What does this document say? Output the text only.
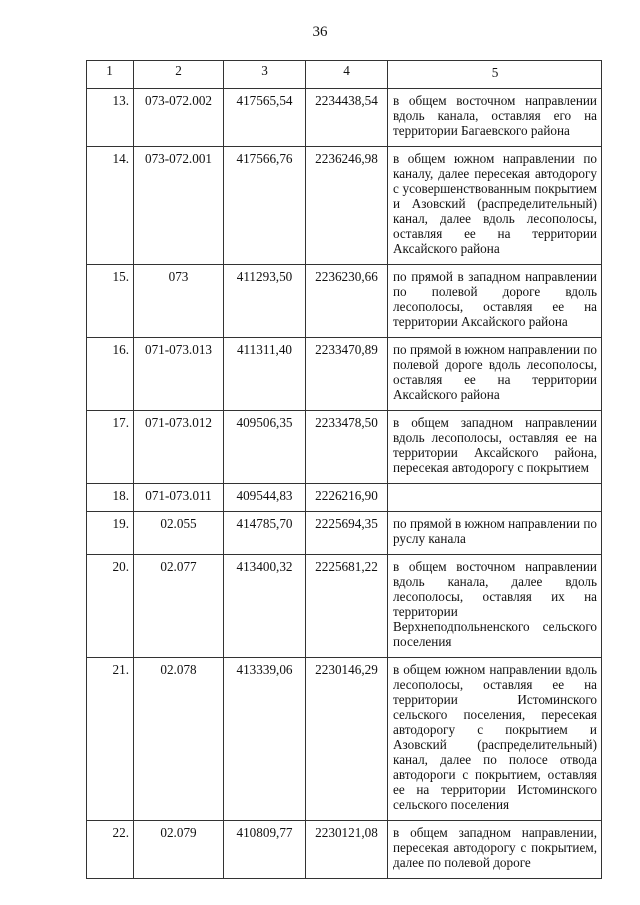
36
1	2	3	4	5
13.	073-072.002	417565,54	2234438,54	в общем восточном направлении вдоль канала, оставляя его на территории Багаевского района
14.	073-072.001	417566,76	2236246,98	в общем южном направлении по каналу, далее пересекая автодорогу с усовершенствованным покрытием и Азовский (распределительный) канал, далее вдоль лесополосы, оставляя ее на территории Аксайского района
15.	073	411293,50	2236230,66	по прямой в западном направлении по полевой дороге вдоль лесополосы, оставляя ее на территории Аксайского района
16.	071-073.013	411311,40	2233470,89	по прямой в южном направлении по полевой дороге вдоль лесополосы, оставляя ее на территории Аксайского района
17.	071-073.012	409506,35	2233478,50	в общем западном направлении вдоль лесополосы, оставляя ее на территории Аксайского района, пересекая автодорогу с покрытием
18.	071-073.011	409544,83	2226216,90	
19.	02.055	414785,70	2225694,35	по прямой в южном направлении по руслу канала
20.	02.077	413400,32	2225681,22	в общем восточном направлении вдоль канала, далее вдоль лесополосы, оставляя их на территории Верхнеподпольненского сельского поселения
21.	02.078	413339,06	2230146,29	в общем южном направлении вдоль лесополосы, оставляя ее на территории Истоминского сельского поселения, пересекая автодорогу с покрытием и Азовский (распределительный) канал, далее по полосе отвода автодороги с покрытием, оставляя ее на территории Истоминского сельского поселения
22.	02.079	410809,77	2230121,08	в общем западном направлении, пересекая автодорогу с покрытием, далее по полевой дороге
